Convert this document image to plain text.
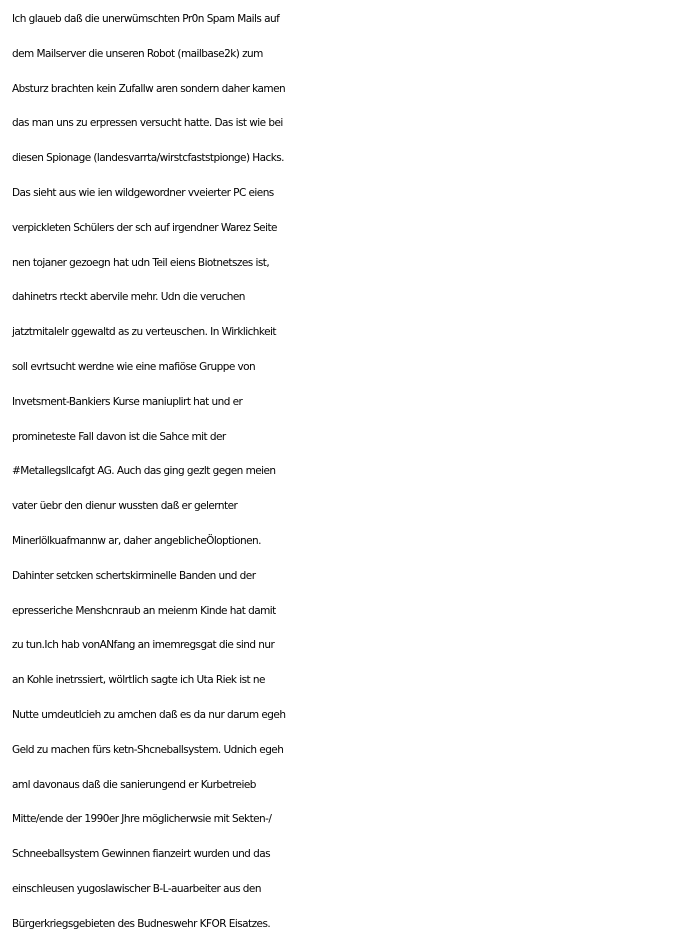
Ich glaueb daß die unerwümschten Pr0n Spam Mails auf
dem Mailserver die unseren Robot (mailbase2k) zum
Absturz brachten kein Zufallw aren sondern daher kamen
das man uns zu erpressen versucht hatte. Das ist wie bei
diesen Spionage (landesvarrta/wirstcfaststpionge) Hacks.
Das sieht aus wie ien wildgewordner vveierter PC eiens
verpickleten Schülers der sch auf irgendner Warez Seite
nen tojaner gezoegn hat udn Teil eiens Biotnetszes ist,
dahinetrs rteckt abervile mehr. Udn die veruchen
jatztmitalelr ggewaltd as zu verteuschen. In Wirklichkeit
soll evrtsucht werdne wie eine mafiöse Gruppe von
Invetsment-Bankiers Kurse maniuplirt hat und er
promineteste Fall davon ist die Sahce mit der
#Metallegsllcafgt AG. Auch das ging gezlt gegen meien
vater üebr den dienur wussten daß er gelernter
Minerlölkuafmannw ar, daher angeblicheÖloptionen.
Dahinter setcken schertskirminelle Banden und der
epresseriche Menshcnraub an meienm Kinde hat damit
zu tun.Ich hab vonANfang an imemregsgat die sind nur
an Kohle inetrssiert, wölrtlich sagte ich Uta Riek ist ne
Nutte umdeutlcieh zu amchen daß es da nur darum egeh
Geld zu machen fürs ketn-Shcneballsystem. Udnich egeh
aml davonaus daß die sanierungend er Kurbetreieb
Mitte/ende der 1990er Jhre möglicherwsie mit Sekten-/
Schneeballsystem Gewinnen fianzeirt wurden und das
einschleusen yugoslawischer B-L-auarbeiter aus den
Bürgerkriegsgebieten des Budneswehr KFOR Eisatzes.
